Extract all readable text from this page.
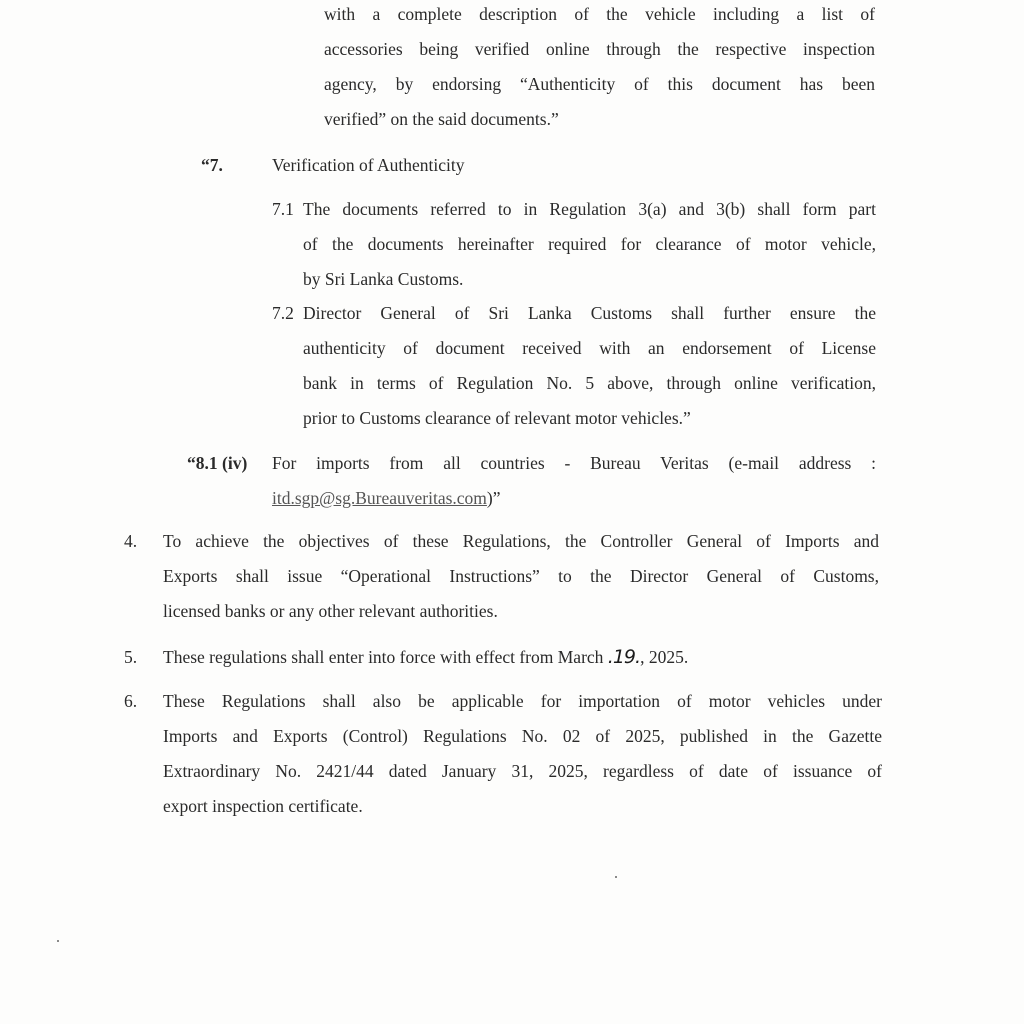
with a complete description of the vehicle including a list of
accessories being verified online through the respective inspection
agency, by endorsing “Authenticity of this document has been
verified” on the said documents.”
“7.	Verification of Authenticity
7.1 The documents referred to in Regulation 3(a) and 3(b) shall form part
of the documents hereinafter required for clearance of motor vehicle,
by Sri Lanka Customs.
7.2 Director General of Sri Lanka Customs shall further ensure the
authenticity of document received with an endorsement of License
bank in terms of Regulation No. 5 above, through online verification,
prior to Customs clearance of relevant motor vehicles.”
“8.1 (iv) For imports from all countries - Bureau Veritas (e-mail address :
itd.sgp@sg.Bureauveritas.com)”
4. To achieve the objectives of these Regulations, the Controller General of Imports and
Exports shall issue “Operational Instructions” to the Director General of Customs,
licensed banks or any other relevant authorities.
5. These regulations shall enter into force with effect from March .19., 2025.
6. These Regulations shall also be applicable for importation of motor vehicles under
Imports and Exports (Control) Regulations No. 02 of 2025, published in the Gazette
Extraordinary No. 2421/44 dated January 31, 2025, regardless of date of issuance of
export inspection certificate.
